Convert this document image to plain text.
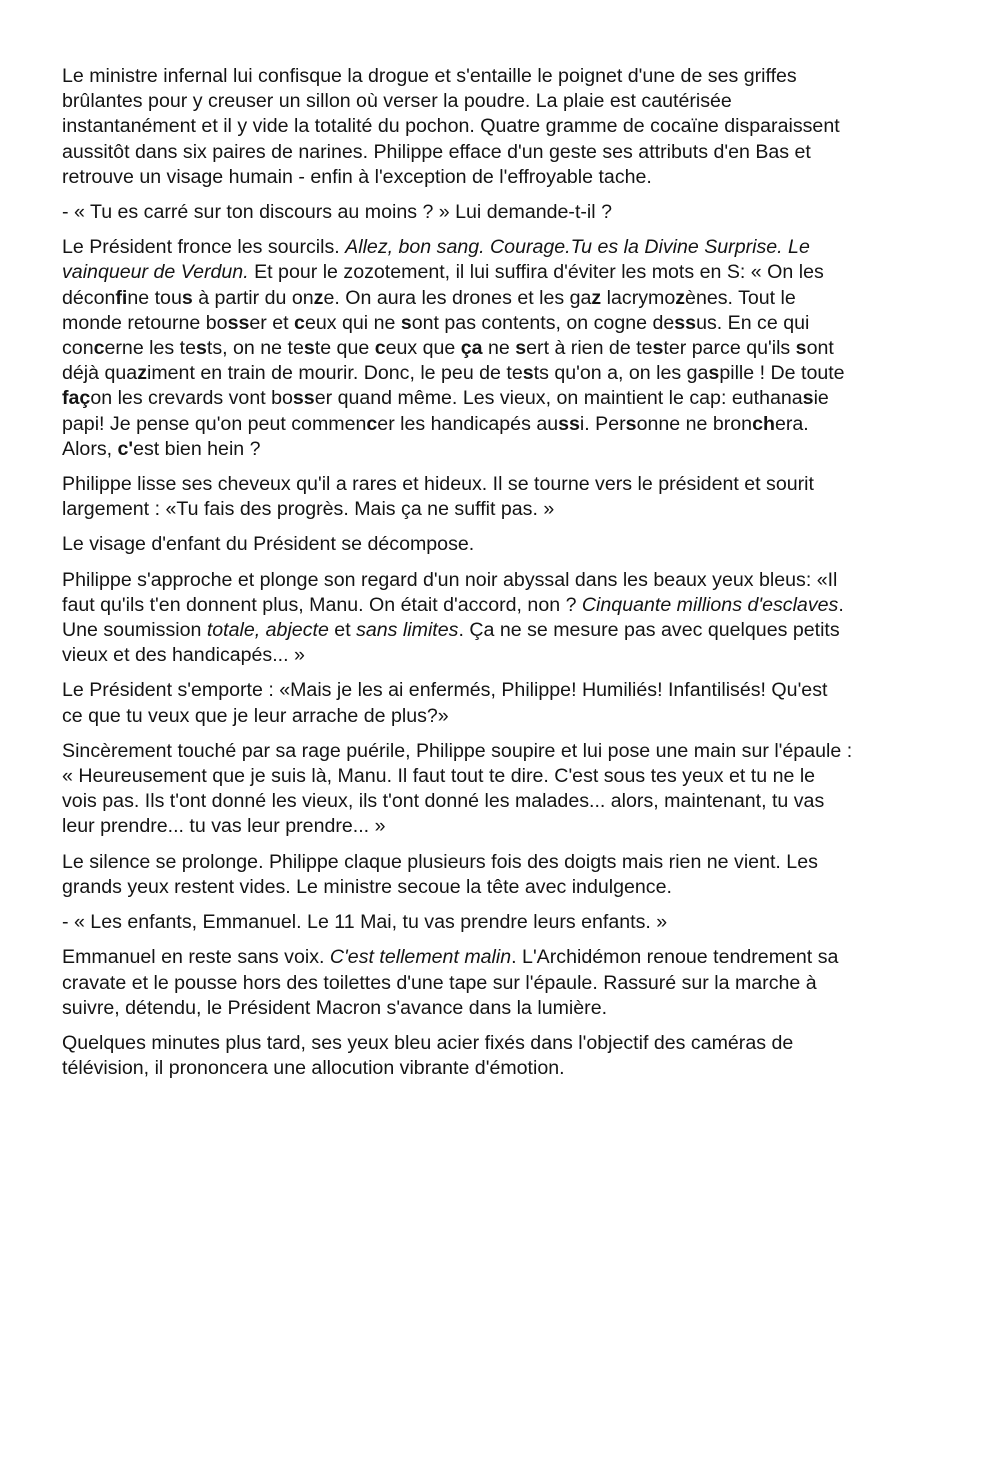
Le ministre infernal lui confisque la drogue et s'entaille le poignet d'une de ses griffes
brûlantes pour y creuser un sillon où verser la poudre. La plaie est cautérisée
instantanément et il y vide la totalité du pochon. Quatre gramme de cocaïne disparaissent
aussitôt dans six paires de narines. Philippe efface d'un geste ses attributs d'en Bas et
retrouve un visage humain - enfin à l'exception de l'effroyable tache.

- « Tu es carré sur ton discours au moins ? » Lui demande-t-il ?

Le Président fronce les sourcils. Allez, bon sang. Courage.Tu es la Divine Surprise. Le
vainqueur de Verdun. Et pour le zozotement, il lui suffira d'éviter les mots en S: « On les
déconfine tous à partir du onze. On aura les drones et les gaz lacrymozènes. Tout le
monde retourne bosser et ceux qui ne sont pas contents, on cogne dessus. En ce qui
concerne les tests, on ne teste que ceux que ça ne sert à rien de tester parce qu'ils sont
déjà quaziment en train de mourir. Donc, le peu de tests qu'on a, on les gaspille ! De toute
façon les crevards vont bosser quand même. Les vieux, on maintient le cap: euthanasie
papi! Je pense qu'on peut commencer les handicapés aussi. Personne ne bronchera.
Alors, c'est bien hein ?

Philippe lisse ses cheveux qu'il a rares et hideux. Il se tourne vers le président et sourit
largement : «Tu fais des progrès. Mais ça ne suffit pas. »

Le visage d'enfant du Président se décompose.

Philippe s'approche et plonge son regard d'un noir abyssal dans les beaux yeux bleus: «Il
faut qu'ils t'en donnent plus, Manu. On était d'accord, non ? Cinquante millions d'esclaves.
Une soumission totale, abjecte et sans limites. Ça ne se mesure pas avec quelques petits
vieux et des handicapés... »

Le Président s'emporte : «Mais je les ai enfermés, Philippe! Humiliés! Infantilisés! Qu'est
ce que tu veux que je leur arrache de plus?»

Sincèrement touché par sa rage puérile, Philippe soupire et lui pose une main sur l'épaule :
« Heureusement que je suis là, Manu. Il faut tout te dire. C'est sous tes yeux et tu ne le
vois pas. Ils t'ont donné les vieux, ils t'ont donné les malades... alors, maintenant, tu vas
leur prendre... tu vas leur prendre... »

Le silence se prolonge. Philippe claque plusieurs fois des doigts mais rien ne vient. Les
grands yeux restent vides. Le ministre secoue la tête avec indulgence.

- « Les enfants, Emmanuel. Le 11 Mai, tu vas prendre leurs enfants. »

Emmanuel en reste sans voix. C'est tellement malin. L'Archidémon renoue tendrement sa
cravate et le pousse hors des toilettes d'une tape sur l'épaule. Rassuré sur la marche à
suivre, détendu, le Président Macron s'avance dans la lumière.

Quelques minutes plus tard, ses yeux bleu acier fixés dans l'objectif des caméras de
télévision, il prononcera une allocution vibrante d'émotion.
